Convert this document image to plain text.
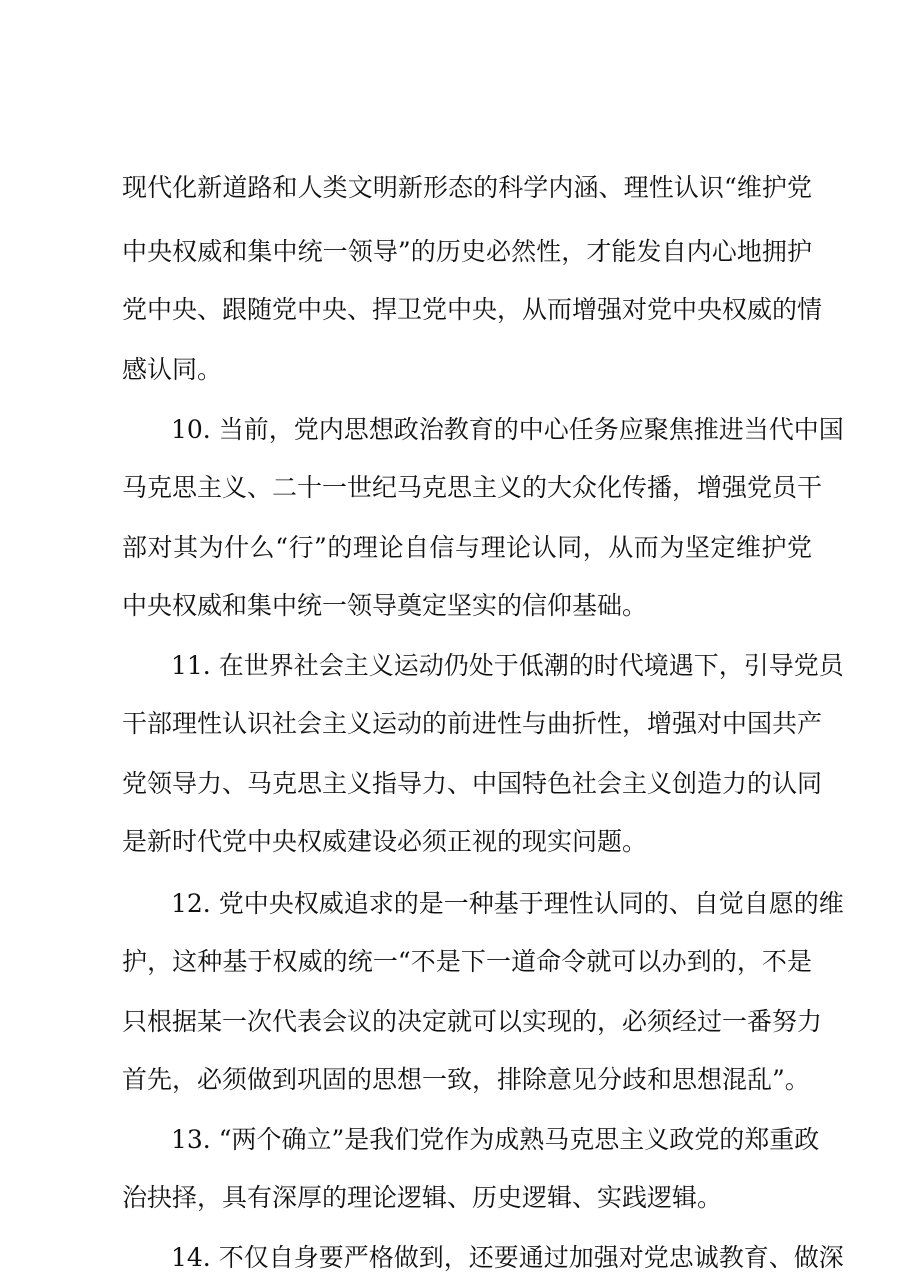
现代化新道路和人类文明新形态的科学内涵、理性认识“维护党
中央权威和集中统一领导”的历史必然性，才能发自内心地拥护
党中央、跟随党中央、捍卫党中央，从而增强对党中央权威的情
感认同。
10. 当前，党内思想政治教育的中心任务应聚焦推进当代中国
马克思主义、二十一世纪马克思主义的大众化传播，增强党员干
部对其为什么“行”的理论自信与理论认同，从而为坚定维护党
中央权威和集中统一领导奠定坚实的信仰基础。
11. 在世界社会主义运动仍处于低潮的时代境遇下，引导党员
干部理性认识社会主义运动的前进性与曲折性，增强对中国共产
党领导力、马克思主义指导力、中国特色社会主义创造力的认同
是新时代党中央权威建设必须正视的现实问题。
12. 党中央权威追求的是一种基于理性认同的、自觉自愿的维
护，这种基于权威的统一“不是下一道命令就可以办到的，不是
只根据某一次代表会议的决定就可以实现的，必须经过一番努力
首先，必须做到巩固的思想一致，排除意见分歧和思想混乱”。
13. “两个确立”是我们党作为成熟马克思主义政党的郑重政
治抉择，具有深厚的理论逻辑、历史逻辑、实践逻辑。
14. 不仅自身要严格做到，还要通过加强对党忠诚教育、做深
